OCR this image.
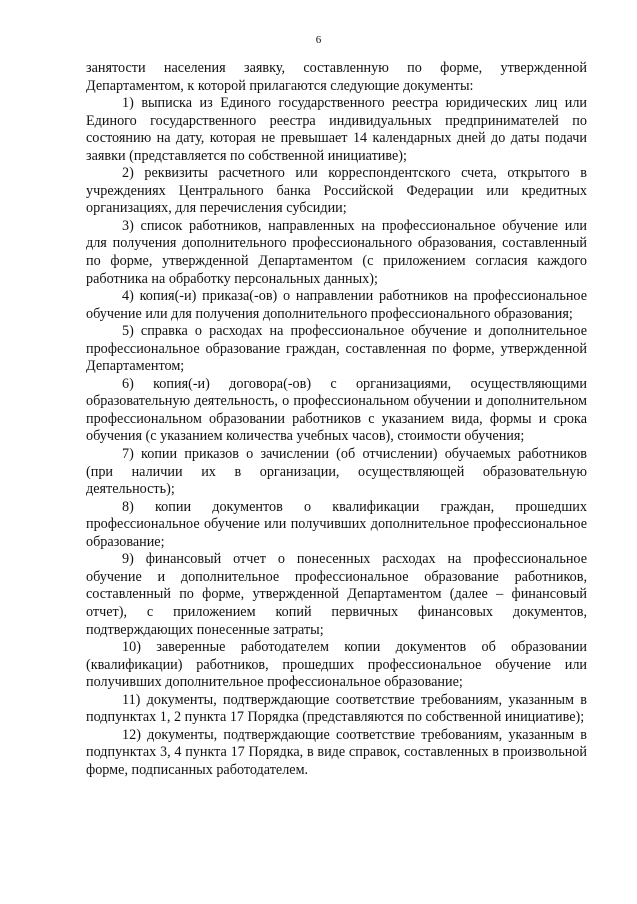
6

занятости населения заявку, составленную по форме, утвержденной Департаментом, к которой прилагаются следующие документы:

1) выписка из Единого государственного реестра юридических лиц или Единого государственного реестра индивидуальных предпринимателей по состоянию на дату, которая не превышает 14 календарных дней до даты подачи заявки (представляется по собственной инициативе);

2) реквизиты расчетного или корреспондентского счета, открытого в учреждениях Центрального банка Российской Федерации или кредитных организациях, для перечисления субсидии;

3) список работников, направленных на профессиональное обучение или для получения дополнительного профессионального образования, составленный по форме, утвержденной Департаментом (с приложением согласия каждого работника на обработку персональных данных);

4) копия(-и) приказа(-ов) о направлении работников на профессиональное обучение или для получения дополнительного профессионального образования;

5) справка о расходах на профессиональное обучение и дополнительное профессиональное образование граждан, составленная по форме, утвержденной Департаментом;

6) копия(-и) договора(-ов) с организациями, осуществляющими образовательную деятельность, о профессиональном обучении и дополнительном профессиональном образовании работников с указанием вида, формы и срока обучения (с указанием количества учебных часов), стоимости обучения;

7) копии приказов о зачислении (об отчислении) обучаемых работников (при наличии их в организации, осуществляющей образовательную деятельность);

8) копии документов о квалификации граждан, прошедших профессиональное обучение или получивших дополнительное профессиональное образование;

9) финансовый отчет о понесенных расходах на профессиональное обучение и дополнительное профессиональное образование работников, составленный по форме, утвержденной Департаментом (далее – финансовый отчет), с приложением копий первичных финансовых документов, подтверждающих понесенные затраты;

10) заверенные работодателем копии документов об образовании (квалификации) работников, прошедших профессиональное обучение или получивших дополнительное профессиональное образование;

11) документы, подтверждающие соответствие требованиям, указанным в подпунктах 1, 2 пункта 17 Порядка (представляются по собственной инициативе);

12) документы, подтверждающие соответствие требованиям, указанным в подпунктах 3, 4 пункта 17 Порядка, в виде справок, составленных в произвольной форме, подписанных работодателем.
